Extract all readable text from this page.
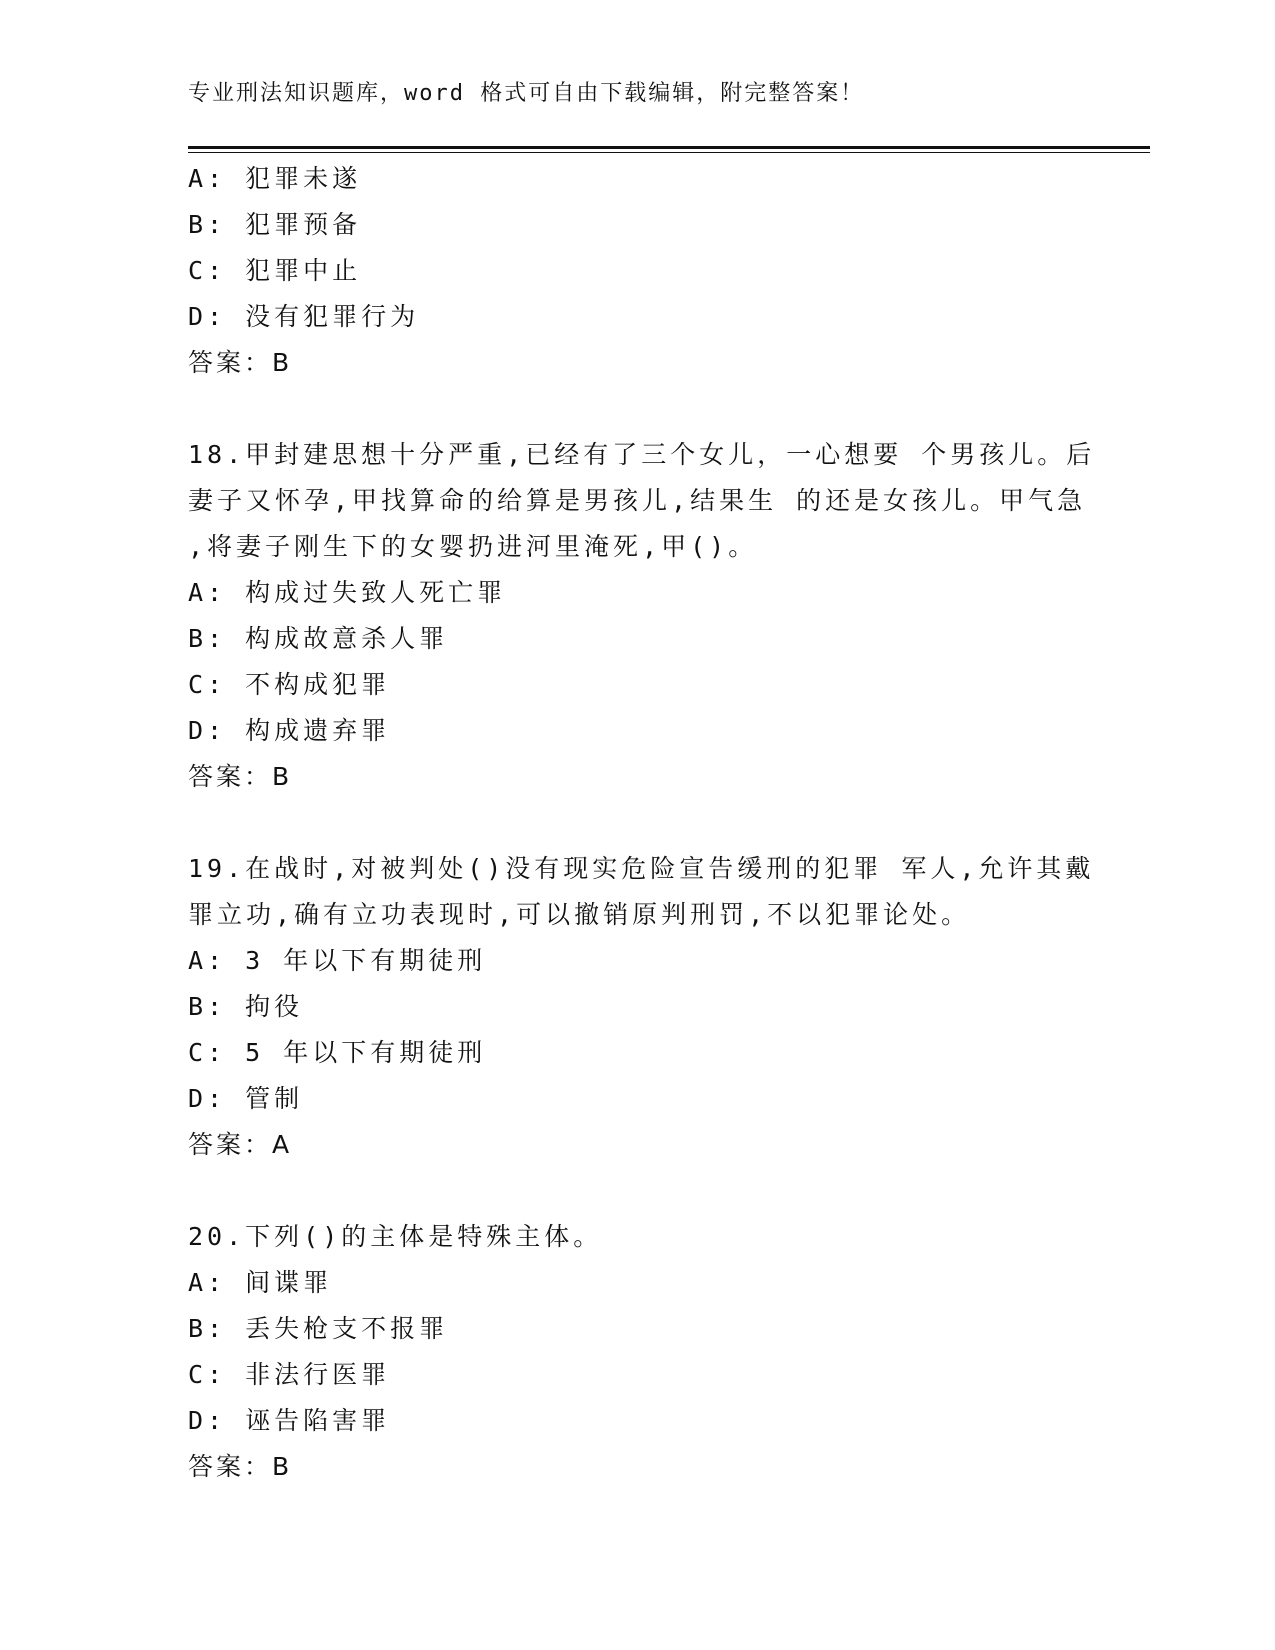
专业刑法知识题库，word 格式可自由下载编辑，附完整答案！
A: 犯罪未遂
B: 犯罪预备
C: 犯罪中止
D: 没有犯罪行为
答案：B
18.甲封建思想十分严重,已经有了三个女儿，一心想要 个男孩儿。后
妻子又怀孕,甲找算命的给算是男孩儿,结果生 的还是女孩儿。甲气急
,将妻子刚生下的女婴扔进河里淹死,甲()。
A: 构成过失致人死亡罪
B: 构成故意杀人罪
C: 不构成犯罪
D: 构成遗弃罪
答案：B
19.在战时,对被判处()没有现实危险宣告缓刑的犯罪 军人,允许其戴
罪立功,确有立功表现时,可以撤销原判刑罚,不以犯罪论处。
A: 3 年以下有期徒刑
B: 拘役
C: 5 年以下有期徒刑
D: 管制
答案：A
20.下列()的主体是特殊主体。
A: 间谍罪
B: 丢失枪支不报罪
C: 非法行医罪
D: 诬告陷害罪
答案：B
